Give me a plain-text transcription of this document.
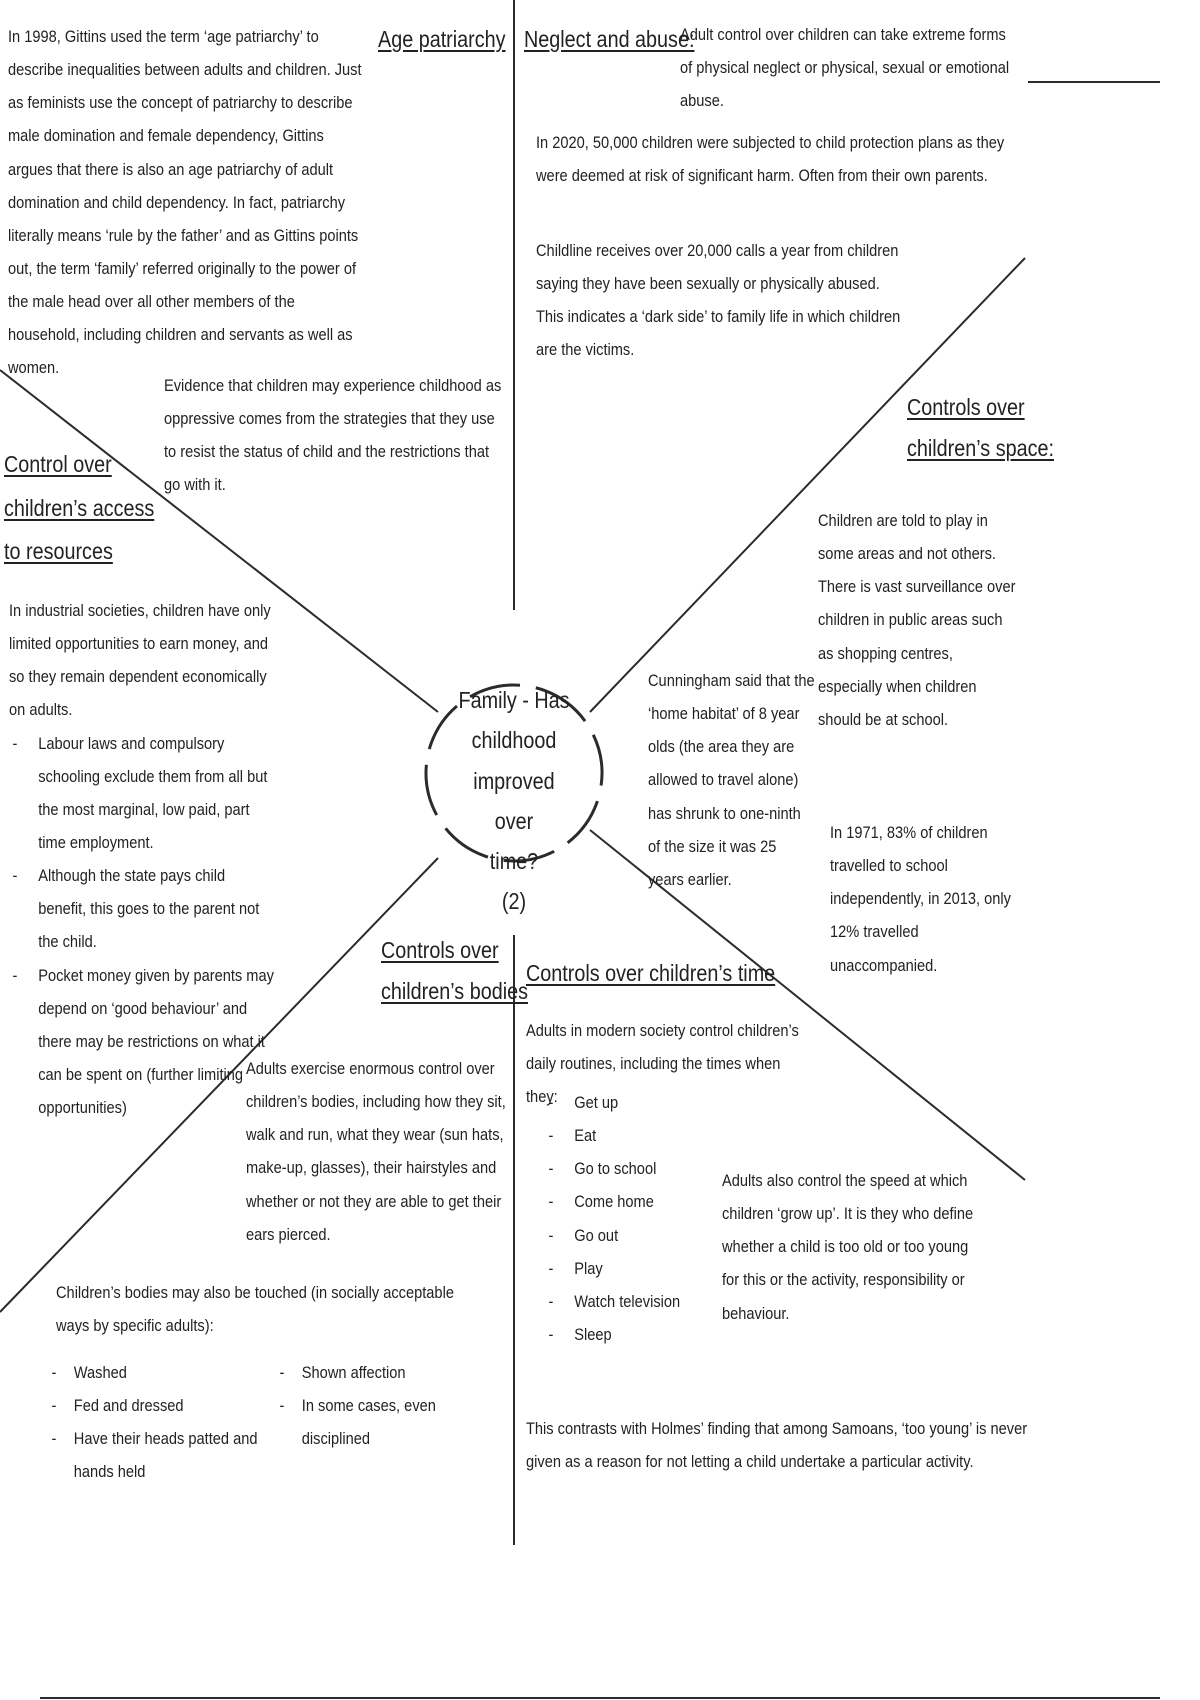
Family - Has
childhood
improved over
time?
(2)
Age patriarchy
In 1998, Gittins used the term ‘age patriarchy’ to describe inequalities between adults and children. Just as feminists use the concept of patriarchy to describe male domination and female dependency, Gittins argues that there is also an age patriarchy of adult domination and child dependency. In fact, patriarchy literally means ‘rule by the father’ and as Gittins points out, the term ‘family’ referred originally to the power of the male head over all other members of the household, including children and servants as well as women.
Evidence that children may experience childhood as oppressive comes from the strategies that they use to resist the status of child and the restrictions that go with it.
Neglect and abuse:
Adult control over children can take extreme forms of physical neglect or physical, sexual or emotional abuse.
In 2020, 50,000 children were subjected to child protection plans as they were deemed at risk of significant harm. Often from their own parents.

Childline receives over 20,000 calls a year from children saying they have been sexually or physically abused.

This indicates a ‘dark side’ to family life in which children are the victims.

Control over
children’s access
to resources

In industrial societies, children have only limited opportunities to earn money, and so they remain dependent economically on adults.

- Labour laws and compulsory schooling exclude them from all but the most marginal, low paid, part time employment.
- Although the state pays child benefit, this goes to the parent not the child.
- Pocket money given by parents may depend on ‘good behaviour’ and there may be restrictions on what it can be spent on (further limiting opportunities)
Controls over
children’s space:
Children are told to play in some areas and not others. There is vast surveillance over children in public areas such as shopping centres, especially when children should be at school.
Cunningham said that the ‘home habitat’ of 8 year olds (the area they are allowed to travel alone) has shrunk to one-ninth of the size it was 25 years earlier.
In 1971, 83% of children travelled to school independently, in 2013, only 12% travelled unaccompanied.
Controls over
children’s bodies
Adults exercise enormous control over children’s bodies, including how they sit, walk and run, what they wear (sun hats, make-up, glasses), their hairstyles and whether or not they are able to get their ears pierced.
Children’s bodies may also be touched (in socially acceptable ways by specific adults):
- Washed
- Fed and dressed
- Have their heads patted and hands held
- Shown affection
- In some cases, even disciplined
Controls over children’s time
Adults in modern society control children’s daily routines, including the times when they:
- Get up
- Eat
- Go to school
- Come home
- Go out
- Play
- Watch television
- Sleep
Adults also control the speed at which children ‘grow up’. It is they who define whether a child is too old or too young for this or the activity, responsibility or behaviour.
This contrasts with Holmes’ finding that among Samoans, ‘too young’ is never given as a reason for not letting a child undertake a particular activity.
